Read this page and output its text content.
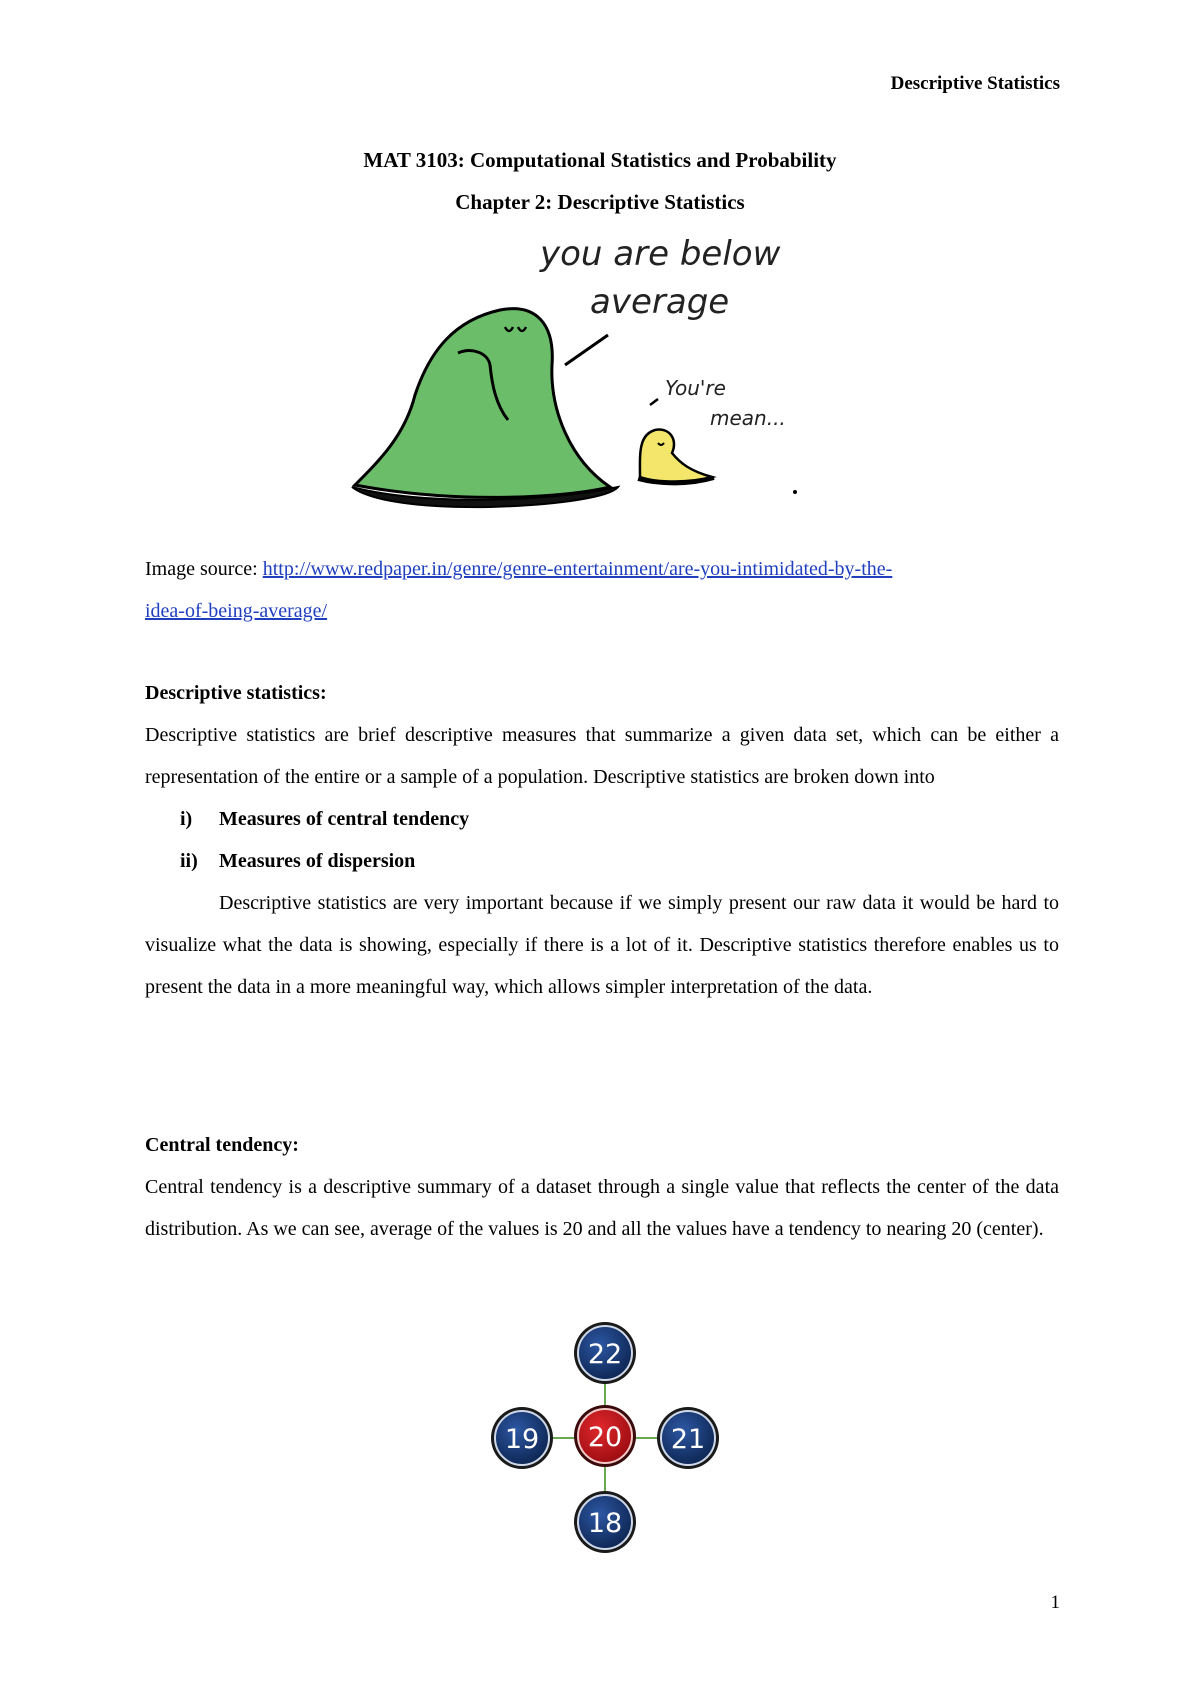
Descriptive Statistics
MAT 3103: Computational Statistics and Probability
Chapter 2: Descriptive Statistics
you are below
average
You're
mean...

Image source: http://www.redpaper.in/genre/genre-entertainment/are-you-intimidated-by-the-

idea-of-being-average/

Descriptive statistics:

Descriptive statistics are brief descriptive measures that summarize a given data set, which can be either a representation of the entire or a sample of a population. Descriptive statistics are broken down into

i) Measures of central tendency

ii) Measures of dispersion

Descriptive statistics are very important because if we simply present our raw data it would be hard to visualize what the data is showing, especially if there is a lot of it. Descriptive statistics therefore enables us to present the data in a more meaningful way, which allows simpler interpretation of the data.

Central tendency:

Central tendency is a descriptive summary of a dataset through a single value that reflects the center of the data distribution. As we can see, average of the values is 20 and all the values have a tendency to nearing 20 (center).

22
19	21
18
20
1
